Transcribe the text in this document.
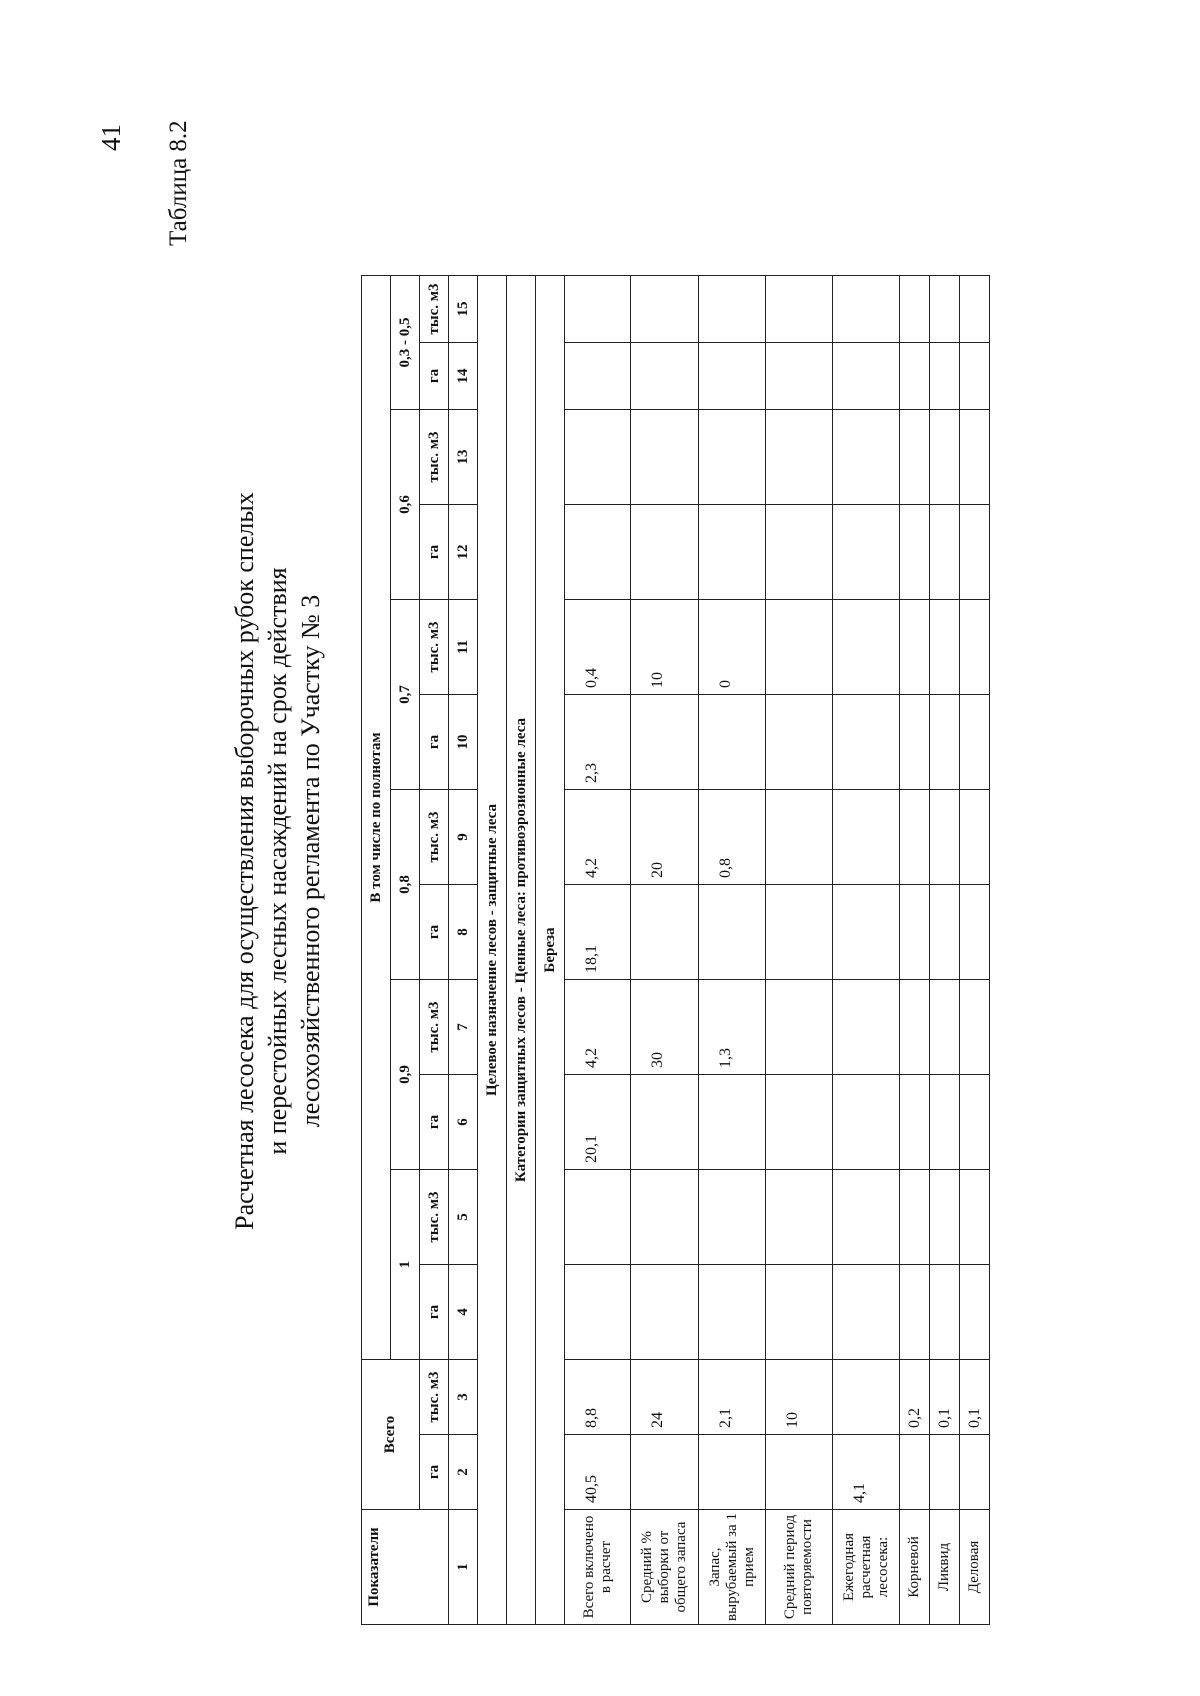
41 Таблица 8.2
Расчетная лесосека для осуществления выборочных рубок спелых и перестойных лесных насаждений на срок действия лесохозяйственного регламента по Участку № 3
Показатели	Всего		В том числе по полнотам											
			1		0,9		0,8		0,7		0,6		0,3 - 0,5	
	га	тыс. м3	га	тыс. м3	га	тыс. м3	га	тыс. м3	га	тыс. м3	га	тыс. м3	га	тыс. м3
1	2	3	4	5	6	7	8	9	10	11	12	13	14	15
Целевое назначение лесов - защитные леса														
Категории защитных лесов - Ценные леса: противоэрозионные леса														
Береза														
Всего включено в расчет	40,5	8,8			20,1	4,2	18,1	4,2	2,3	0,4				
Средний % выборки от общего запаса		24				30		20		10				
Запас, вырубаемый за 1 прием		2,1				1,3		0,8		0				
Средний период повторяемости		10												
Ежегодная расчетная лесосека:	4,1													
Корневой		0,2												
Ликвид		0,1												
Деловая		0,1												
